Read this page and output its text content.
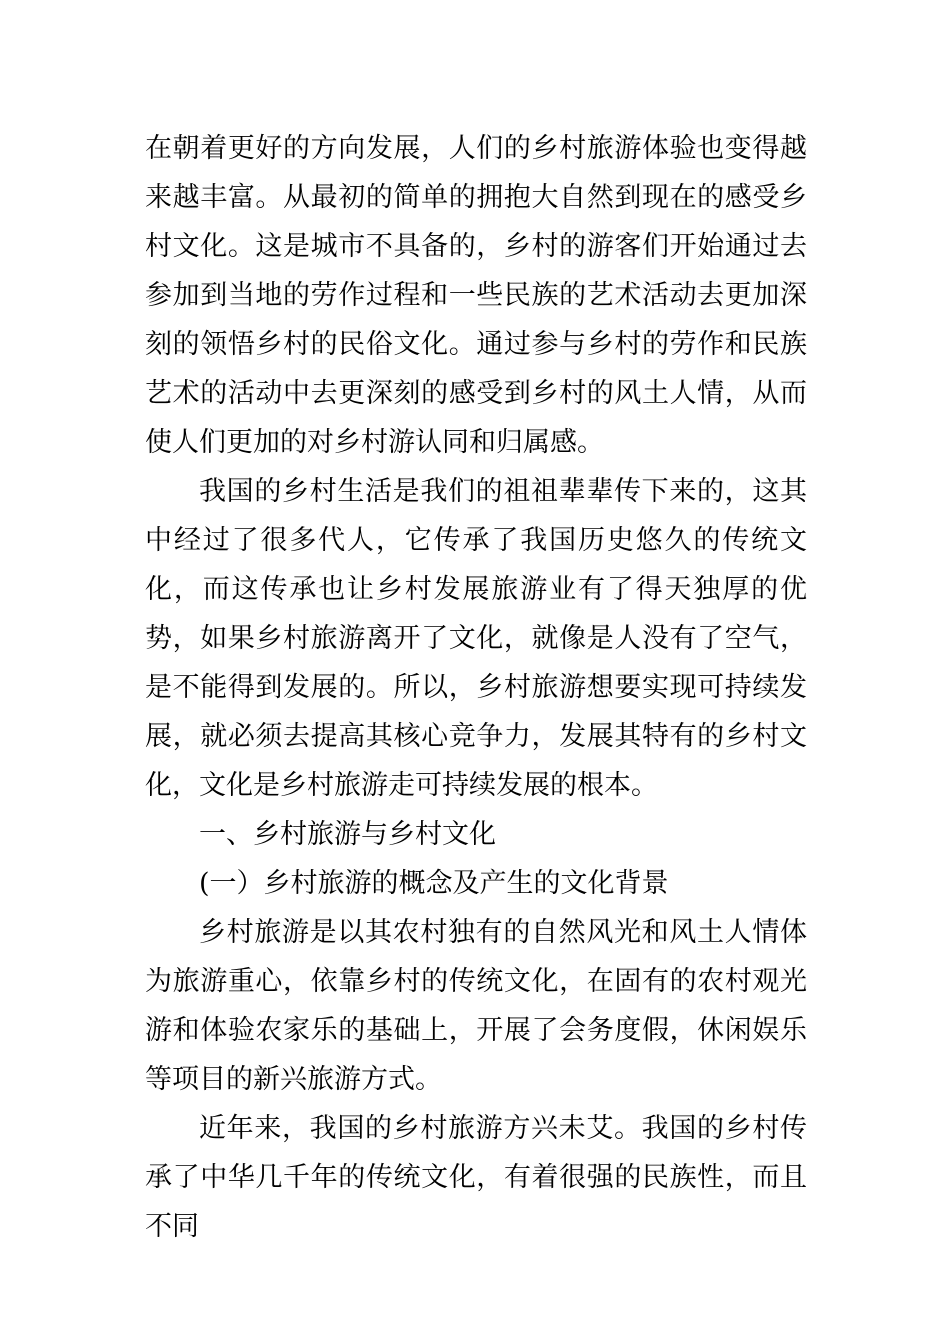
在朝着更好的方向发展，人们的乡村旅游体验也变得越来越丰富。从最初的简单的拥抱大自然到现在的感受乡村文化。这是城市不具备的，乡村的游客们开始通过去参加到当地的劳作过程和一些民族的艺术活动去更加深刻的领悟乡村的民俗文化。通过参与乡村的劳作和民族艺术的活动中去更深刻的感受到乡村的风土人情，从而使人们更加的对乡村游认同和归属感。

我国的乡村生活是我们的祖祖辈辈传下来的，这其中经过了很多代人，它传承了我国历史悠久的传统文化，而这传承也让乡村发展旅游业有了得天独厚的优势，如果乡村旅游离开了文化，就像是人没有了空气，是不能得到发展的。所以，乡村旅游想要实现可持续发展，就必须去提高其核心竞争力，发展其特有的乡村文化，文化是乡村旅游走可持续发展的根本。

一、乡村旅游与乡村文化

(一）乡村旅游的概念及产生的文化背景

乡村旅游是以其农村独有的自然风光和风土人情体为旅游重心，依靠乡村的传统文化，在固有的农村观光游和体验农家乐的基础上，开展了会务度假，休闲娱乐等项目的新兴旅游方式。

近年来，我国的乡村旅游方兴未艾。我国的乡村传承了中华几千年的传统文化，有着很强的民族性，而且不同
